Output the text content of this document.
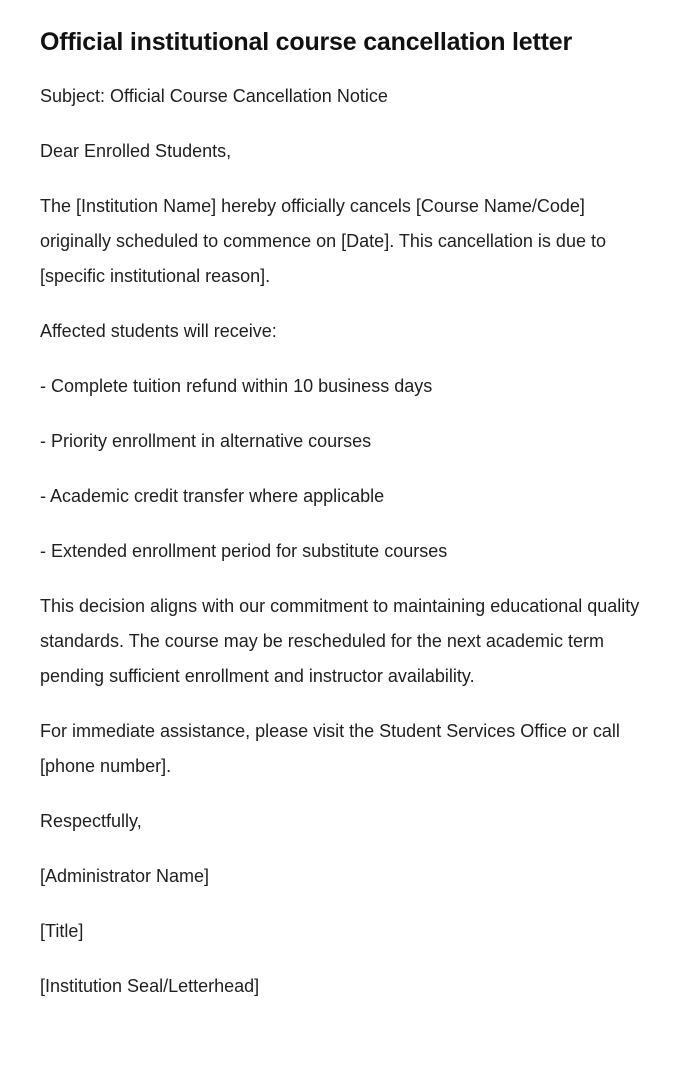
Official institutional course cancellation letter

Subject: Official Course Cancellation Notice

Dear Enrolled Students,

The [Institution Name] hereby officially cancels [Course Name/Code] originally scheduled to commence on [Date]. This cancellation is due to [specific institutional reason].

Affected students will receive:

- Complete tuition refund within 10 business days

- Priority enrollment in alternative courses

- Academic credit transfer where applicable

- Extended enrollment period for substitute courses

This decision aligns with our commitment to maintaining educational quality standards. The course may be rescheduled for the next academic term pending sufficient enrollment and instructor availability.

For immediate assistance, please visit the Student Services Office or call [phone number].

Respectfully,

[Administrator Name]

[Title]

[Institution Seal/Letterhead]
